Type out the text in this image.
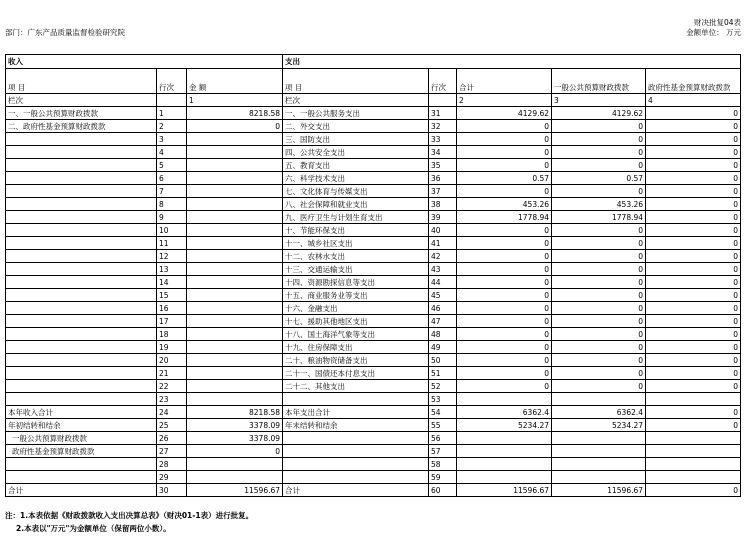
财决批复04表
部门：广东产品质量监督检验研究院	金额单位： 万元
收入			支出				
项 目	行次	金 额	项 目	行次	合计	一般公共预算财政拨款	政府性基金预算财政拨款
栏次		1	栏次		2	3	4
一、一般公共预算财政拨款	1	8218.58	一、一般公共服务支出	31	4129.62	4129.62	0
二、政府性基金预算财政拨款	2	0	二、外交支出	32	0	0	0
	3		三、国防支出	33	0	0	0
	4		四、公共安全支出	34	0	0	0
	5		五、教育支出	35	0	0	0
	6		六、科学技术支出	36	0.57	0.57	0
	7		七、文化体育与传媒支出	37	0	0	0
	8		八、社会保障和就业支出	38	453.26	453.26	0
	9		九、医疗卫生与计划生育支出	39	1778.94	1778.94	0
	10		十、节能环保支出	40	0	0	0
	11		十一、城乡社区支出	41	0	0	0
	12		十二、农林水支出	42	0	0	0
	13		十三、交通运输支出	43	0	0	0
	14		十四、资源勘探信息等支出	44	0	0	0
	15		十五、商业服务业等支出	45	0	0	0
	16		十六、金融支出	46	0	0	0
	17		十七、援助其他地区支出	47	0	0	0
	18		十八、国土海洋气象等支出	48	0	0	0
	19		十九、住房保障支出	49	0	0	0
	20		二十、粮油物资储备支出	50	0	0	0
	21		二十一、国债还本付息支出	51	0	0	0
	22		二十二、其他支出	52	0	0	0
	23			53			
本年收入合计	24	8218.58	本年支出合计	54	6362.4	6362.4	0
年初结转和结余	25	3378.09	年末结转和结余	55	5234.27	5234.27	0
一般公共预算财政拨款	26	3378.09		56			
政府性基金预算财政拨款	27	0		57			
	28			58			
	29			59			
合计	30	11596.67	合计	60	11596.67	11596.67	0
注：1.本表依据《财政拨款收入支出决算总表》（财决01-1表）进行批复。
2.本表以"万元"为金额单位（保留两位小数）。
